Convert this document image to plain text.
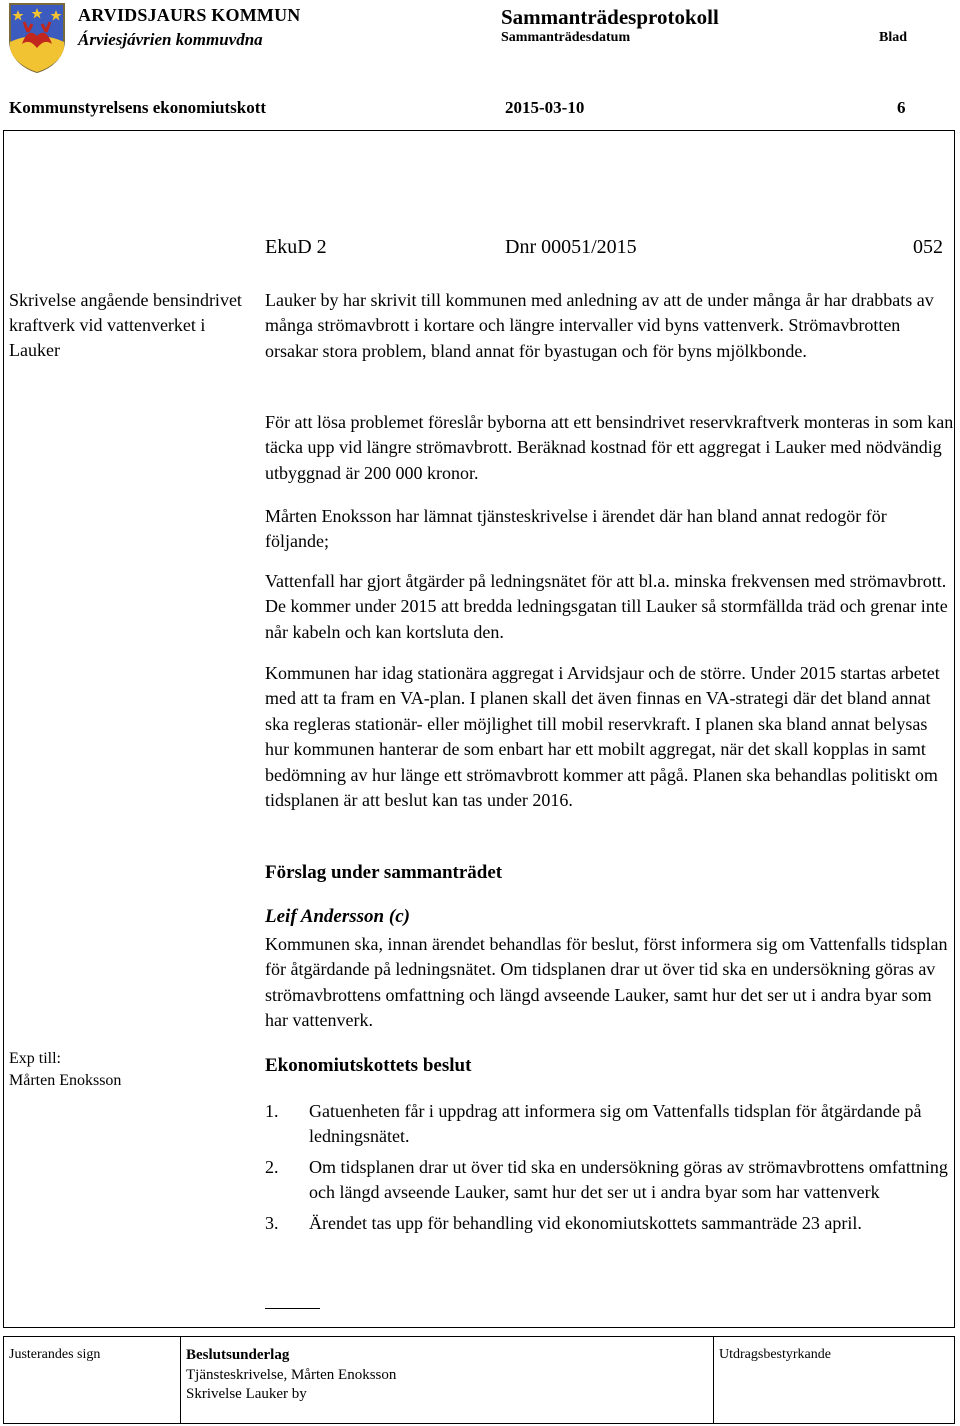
ARVIDSJAURS KOMMUN
Árviesjávrien kommuvdna
Sammanträdesprotokoll
Sammanträdesdatum	Blad
Kommunstyrelsens ekonomiutskott	2015-03-10	6
EkuD 2	Dnr 00051/2015	052
Skrivelse angående bensindrivet kraftverk vid vattenverket i Lauker
Lauker by har skrivit till kommunen med anledning av att de under många år har drabbats av många strömavbrott i kortare och längre intervaller vid byns vattenverk. Strömavbrotten orsakar stora problem, bland annat för byastugan och för byns mjölkbonde.
För att lösa problemet föreslår byborna att ett bensindrivet reservkraftverk monteras in som kan täcka upp vid längre strömavbrott. Beräknad kostnad för ett aggregat i Lauker med nödvändig utbyggnad är 200 000 kronor.
Mårten Enoksson har lämnat tjänsteskrivelse i ärendet där han bland annat redogör för följande;
Vattenfall har gjort åtgärder på ledningsnätet för att bl.a. minska frekvensen med strömavbrott. De kommer under 2015 att bredda ledningsgatan till Lauker så stormfällda träd och grenar inte når kabeln och kan kortsluta den.
Kommunen har idag stationära aggregat i Arvidsjaur och de större. Under 2015 startas arbetet med att ta fram en VA-plan. I planen skall det även finnas en VA-strategi där det bland annat ska regleras stationär- eller möjlighet till mobil reservkraft. I planen ska bland annat belysas hur kommunen hanterar de som enbart har ett mobilt aggregat, när det skall kopplas in samt bedömning av hur länge ett strömavbrott kommer att pågå. Planen ska behandlas politiskt om tidsplanen är att beslut kan tas under 2016.
Förslag under sammanträdet
Leif Andersson (c)
Kommunen ska, innan ärendet behandlas för beslut, först informera sig om Vattenfalls tidsplan för åtgärdande på ledningsnätet. Om tidsplanen drar ut över tid ska en undersökning göras av strömavbrottens omfattning och längd avseende Lauker, samt hur det ser ut i andra byar som har vattenverk.
Exp till:
Mårten Enoksson
Ekonomiutskottets beslut
1. Gatuenheten får i uppdrag att informera sig om Vattenfalls tidsplan för åtgärdande på ledningsnätet.
2. Om tidsplanen drar ut över tid ska en undersökning göras av strömavbrottens omfattning och längd avseende Lauker, samt hur det ser ut i andra byar som har vattenverk
3. Ärendet tas upp för behandling vid ekonomiutskottets sammanträde 23 april.
Justerandes sign	Beslutsunderlag
Tjänsteskrivelse, Mårten Enoksson
Skrivelse Lauker by
Utdragsbestyrkande
